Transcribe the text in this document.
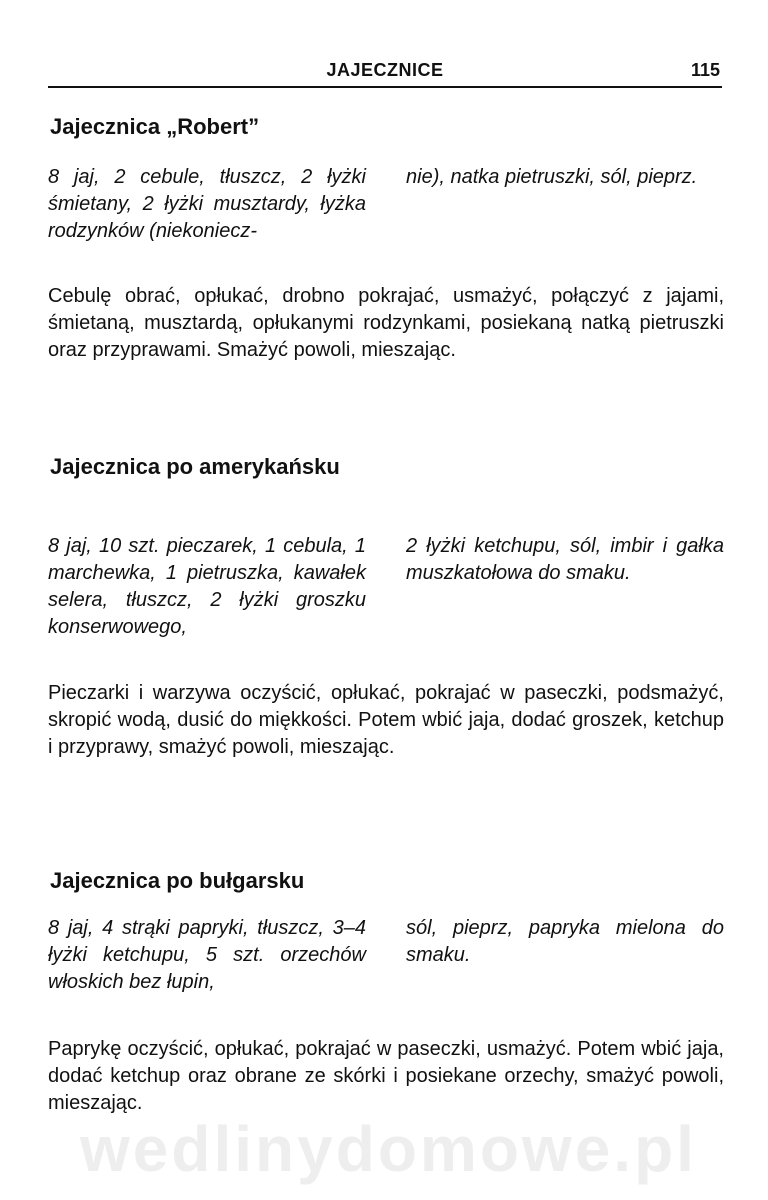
wedlinydomowe.pl
JAJECZNICE	115
Jajecznica „Robert”
8 jaj, 2 cebule, tłuszcz, 2 łyżki śmietany, 2 łyżki musztardy, łyżka rodzynków (niekoniecz-
nie), natka pietruszki, sól, pieprz.
Cebulę obrać, opłukać, drobno pokrajać, usmażyć, połączyć z jajami, śmietaną, musztardą, opłukanymi rodzynkami, posiekaną natką pietruszki oraz przyprawami. Smażyć powoli, mieszając.
Jajecznica po amerykańsku
8 jaj, 10 szt. pieczarek, 1 cebula, 1 marchewka, 1 pietruszka, kawałek selera, tłuszcz, 2 łyżki groszku konserwowego,
2 łyżki ketchupu, sól, imbir i gałka muszkatołowa do smaku.
Pieczarki i warzywa oczyścić, opłukać, pokrajać w paseczki, podsmażyć, skropić wodą, dusić do miękkości. Potem wbić jaja, dodać groszek, ketchup i przyprawy, smażyć powoli, mieszając.
Jajecznica po bułgarsku
8 jaj, 4 strąki papryki, tłuszcz, 3–4 łyżki ketchupu, 5 szt. orzechów włoskich bez łupin,
sól, pieprz, papryka mielona do smaku.
Paprykę oczyścić, opłukać, pokrajać w paseczki, usmażyć. Potem wbić jaja, dodać ketchup oraz obrane ze skórki i posiekane orzechy, smażyć powoli, mieszając.
